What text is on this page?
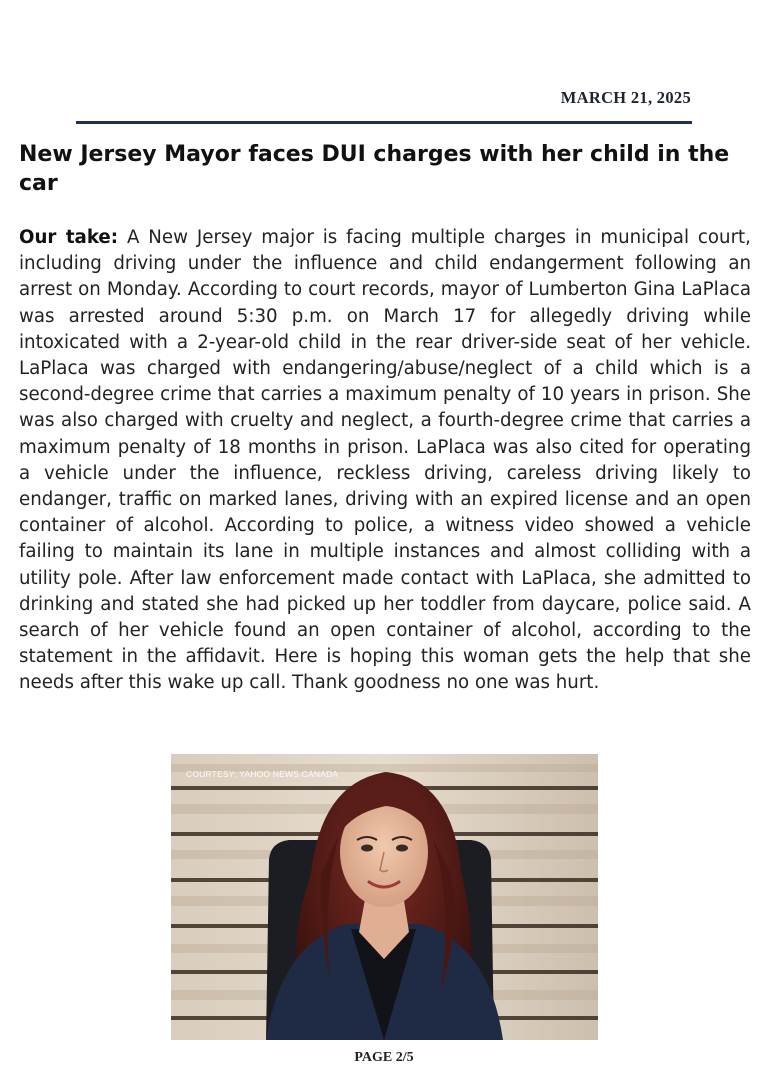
MARCH 21, 2025
New Jersey Mayor faces DUI charges with her child in the car

Our take: A New Jersey major is facing multiple charges in municipal court, including driving under the influence and child endangerment following an arrest on Monday. According to court records, mayor of Lumberton Gina LaPlaca was arrested around 5:30 p.m. on March 17 for allegedly driving while intoxicated with a 2-year-old child in the rear driver-side seat of her vehicle. LaPlaca was charged with endangering/abuse/neglect of a child which is a second-degree crime that carries a maximum penalty of 10 years in prison. She was also charged with cruelty and neglect, a fourth-degree crime that carries a maximum penalty of 18 months in prison. LaPlaca was also cited for operating a vehicle under the influence, reckless driving, careless driving likely to endanger, traffic on marked lanes, driving with an expired license and an open container of alcohol. According to police, a witness video showed a vehicle failing to maintain its lane in multiple instances and almost colliding with a utility pole. After law enforcement made contact with LaPlaca, she admitted to drinking and stated she had picked up her toddler from daycare, police said. A search of her vehicle found an open container of alcohol, according to the statement in the affidavit. Here is hoping this woman gets the help that she needs after this wake up call. Thank goodness no one was hurt.

COURTESY: YAHOO NEWS CANADA
PAGE 2/5
